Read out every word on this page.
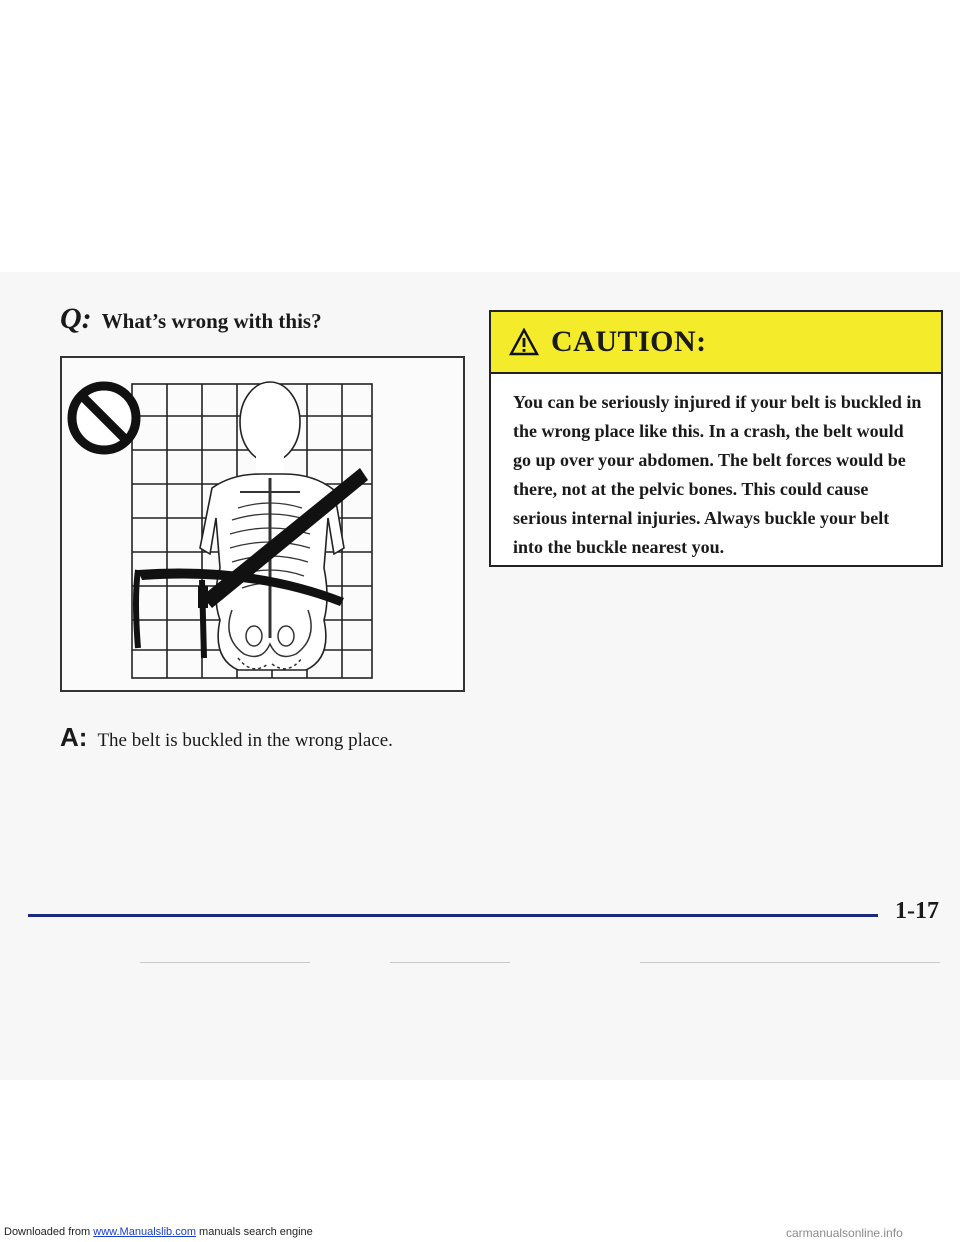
Q: What’s wrong with this?
A: The belt is buckled in the wrong place.
CAUTION:
You can be seriously injured if your belt is buckled in the wrong place like this. In a crash, the belt would go up over your abdomen. The belt forces would be there, not at the pelvic bones. This could cause serious internal injuries. Always buckle your belt into the buckle nearest you.
1-17
Downloaded from www.Manualslib.com manuals search engine	carmanualsonline.info
